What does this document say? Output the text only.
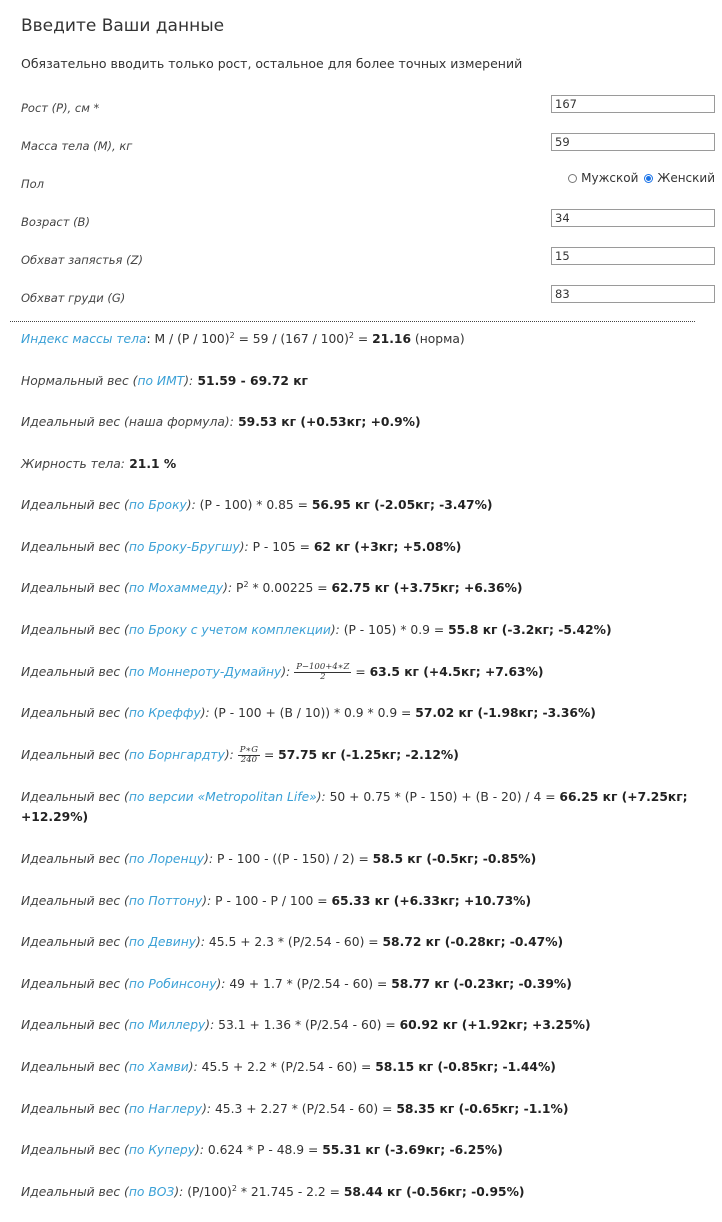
Введите Ваши данные
Обязательно вводить только рост, остальное для более точных измерений
Рост (Р), см *
167
Масса тела (М), кг
59
Пол	Мужской Женский
Возраст (В)
34
Обхват запястья (Z)
15
Обхват груди (G)
83
Индекс массы тела: М / (Р / 100)$^2$ = 59 / (167 / 100)$^2$ = 21.16 (норма)
Нормальный вес (по ИМТ): 51.59 - 69.72 кг
Идеальный вес (наша формула): 59.53 кг (+0.53кг; +0.9%)
Жирность тела: 21.1 %
Идеальный вес (по Броку): (Р - 100) * 0.85 = 56.95 кг (-2.05кг; -3.47%)
Идеальный вес (по Броку-Бругшу): Р - 105 = 62 кг (+3кг; +5.08%)
Идеальный вес (по Мохаммеду): $Р^2 * 0.00225 = 62.75$ кг (+3.75кг; +6.36%)
Идеальный вес (по Броку с учетом комплекции): (Р - 105) * 0.9 = 55.8 кг (-3.2кг; -5.42%)
Идеальный вес (по Моннероту-Думайну): $\frac{P-100+4∗Z}{2} = 63.5$ кг (+4.5кг; +7.63%)
Идеальный вес (по Креффу): (Р - 100 + (В / 10)) * 0.9 * 0.9 = 57.02 кг (-1.98кг; -3.36%)
Идеальный вес (по Борнгардту): $\frac{P∗G}{240} = 57.75$ кг (-1.25кг; -2.12%)
Идеальный вес (по версии «Metropolitan Life»): 50 + 0.75 * (Р - 150) + (В - 20) / 4 = 66.25 кг (+7.25кг; +12.29%)
Идеальный вес (по Лоренцу): Р - 100 - ((Р - 150) / 2) = 58.5 кг (-0.5кг; -0.85%)
Идеальный вес (по Поттону): Р - 100 - Р / 100 = 65.33 кг (+6.33кг; +10.73%)
Идеальный вес (по Девину): 45.5 + 2.3 * (Р/2.54 - 60) = 58.72 кг (-0.28кг; -0.47%)
Идеальный вес (по Робинсону): 49 + 1.7 * (Р/2.54 - 60) = 58.77 кг (-0.23кг; -0.39%)
Идеальный вес (по Миллеру): 53.1 + 1.36 * (Р/2.54 - 60) = 60.92 кг (+1.92кг; +3.25%)
Идеальный вес (по Хамви): 45.5 + 2.2 * (Р/2.54 - 60) = 58.15 кг (-0.85кг; -1.44%)
Идеальный вес (по Наглеру): 45.3 + 2.27 * (Р/2.54 - 60) = 58.35 кг (-0.65кг; -1.1%)
Идеальный вес (по Куперу): 0.624 * Р - 48.9 = 55.31 кг (-3.69кг; -6.25%)
Идеальный вес (по ВОЗ): $(Р/100)^2 * 21.745 - 2.2 = 58.44$ кг (-0.56кг; -0.95%)
